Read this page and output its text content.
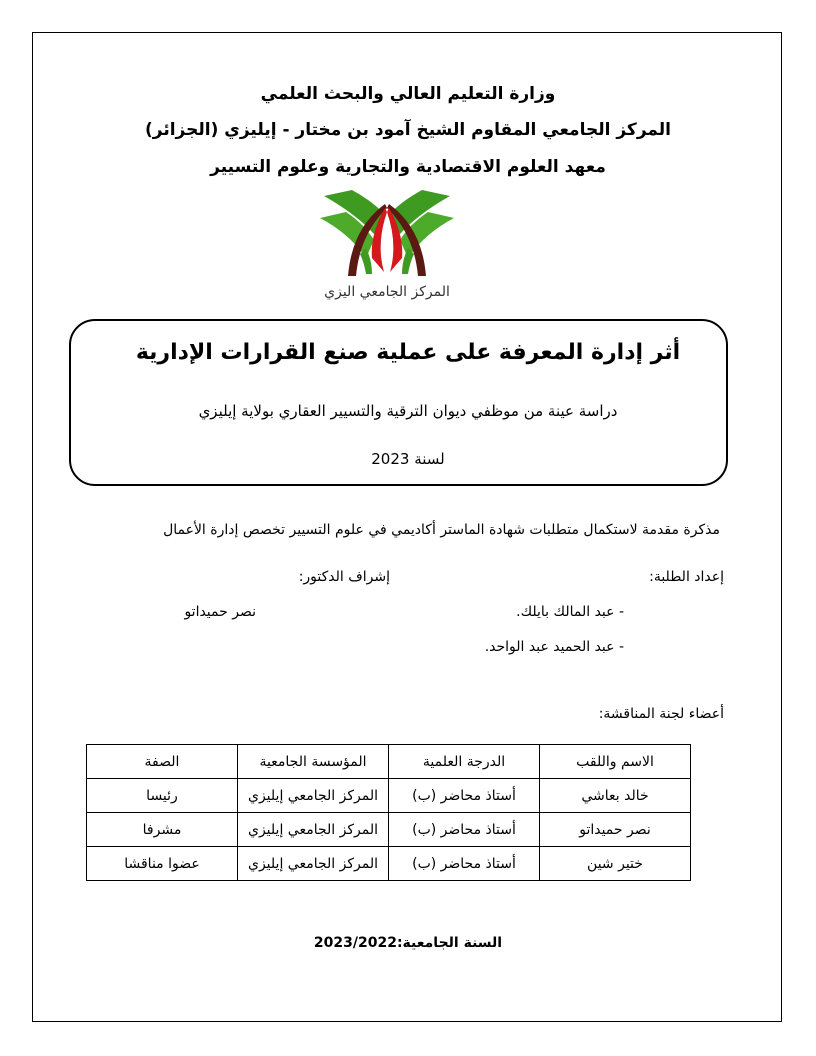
وزارة التعليم العالي والبحث العلمي
المركز الجامعي المقاوم الشيخ آمود بن مختار - إيليزي (الجزائر)
معهد العلوم الاقتصادية والتجارية وعلوم التسيير
المركز الجامعي اليزي
أثر إدارة المعرفة على عملية صنع القرارات الإدارية
دراسة عينة من موظفي ديوان الترقية والتسيير العقاري بولاية إيليزي
لسنة 2023
مذكرة مقدمة لاستكمال متطلبات شهادة الماستر أكاديمي في علوم التسيير تخصص إدارة الأعمال
إعداد الطلبة:
إشراف الدكتور:
- عبد المالك بايلك.
نصر حميداتو
- عبد الحميد عبد الواحد.
أعضاء لجنة المناقشة:
الاسم واللقب	الدرجة العلمية	المؤسسة الجامعية	الصفة
خالد بعاشي	أستاذ محاضر (ب)	المركز الجامعي إيليزي	رئيسا
نصر حميداتو	أستاذ محاضر (ب)	المركز الجامعي إيليزي	مشرفا
ختير شين	أستاذ محاضر (ب)	المركز الجامعي إيليزي	عضوا مناقشا
السنة الجامعية:2023/2022
